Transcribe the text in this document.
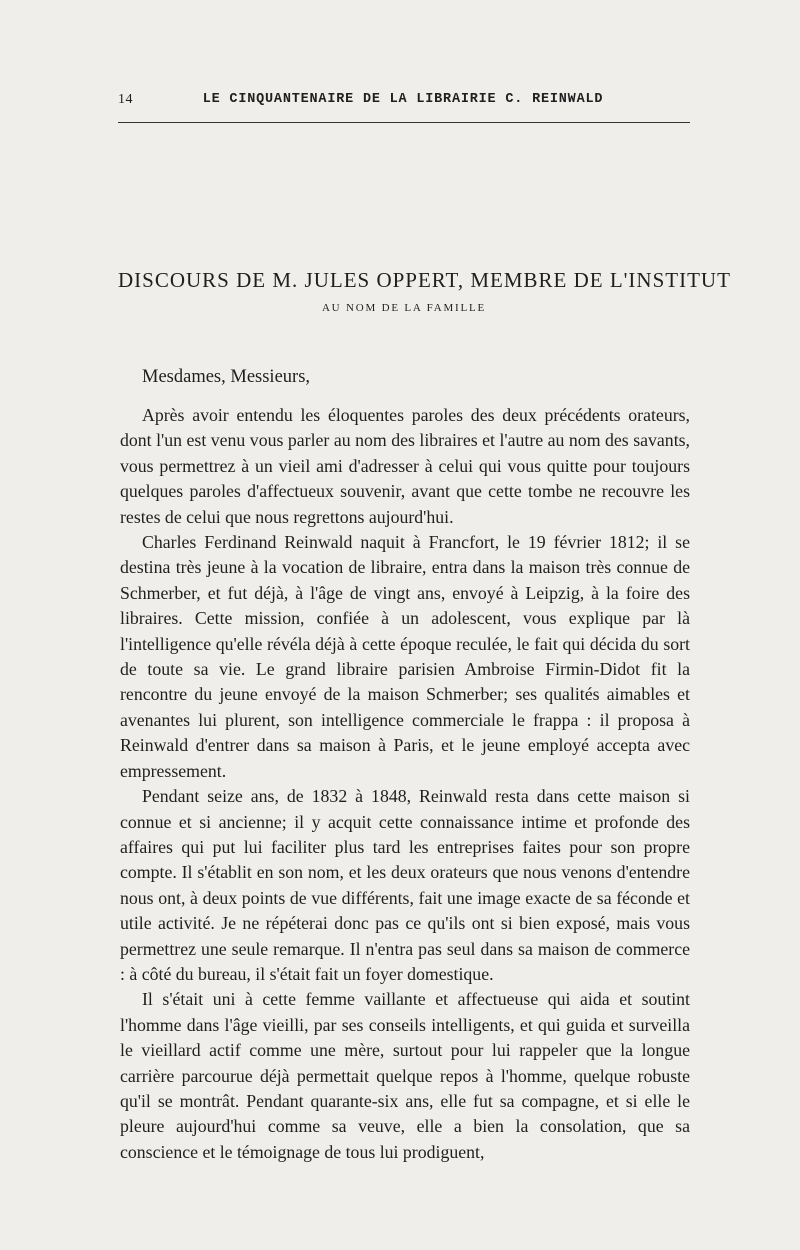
14	LE CINQUANTENAIRE DE LA LIBRAIRIE C. REINWALD
DISCOURS DE M. JULES OPPERT, MEMBRE DE L'INSTITUT
AU NOM DE LA FAMILLE
Mesdames, Messieurs,

Après avoir entendu les éloquentes paroles des deux précédents orateurs, dont l'un est venu vous parler au nom des libraires et l'autre au nom des savants, vous permettrez à un vieil ami d'adresser à celui qui vous quitte pour toujours quelques paroles d'affectueux souvenir, avant que cette tombe ne recouvre les restes de celui que nous regrettons aujourd'hui.

Charles Ferdinand Reinwald naquit à Francfort, le 19 février 1812; il se destina très jeune à la vocation de libraire, entra dans la maison très connue de Schmerber, et fut déjà, à l'âge de vingt ans, envoyé à Leipzig, à la foire des libraires. Cette mission, confiée à un adolescent, vous explique par là l'intelligence qu'elle révéla déjà à cette époque reculée, le fait qui décida du sort de toute sa vie. Le grand libraire parisien Ambroise Firmin-Didot fit la rencontre du jeune envoyé de la maison Schmerber; ses qualités aimables et avenantes lui plurent, son intelligence commerciale le frappa : il proposa à Reinwald d'entrer dans sa maison à Paris, et le jeune employé accepta avec empressement.

Pendant seize ans, de 1832 à 1848, Reinwald resta dans cette maison si connue et si ancienne; il y acquit cette connaissance intime et profonde des affaires qui put lui faciliter plus tard les entreprises faites pour son propre compte. Il s'établit en son nom, et les deux orateurs que nous venons d'entendre nous ont, à deux points de vue différents, fait une image exacte de sa féconde et utile activité. Je ne répéterai donc pas ce qu'ils ont si bien exposé, mais vous permettrez une seule remarque. Il n'entra pas seul dans sa maison de commerce : à côté du bureau, il s'était fait un foyer domestique.

Il s'était uni à cette femme vaillante et affectueuse qui aida et soutint l'homme dans l'âge vieilli, par ses conseils intelligents, et qui guida et surveilla le vieillard actif comme une mère, surtout pour lui rappeler que la longue carrière parcourue déjà permettait quelque repos à l'homme, quelque robuste qu'il se montrât. Pendant quarante-six ans, elle fut sa compagne, et si elle le pleure aujourd'hui comme sa veuve, elle a bien la consolation, que sa conscience et le témoignage de tous lui prodiguent,
